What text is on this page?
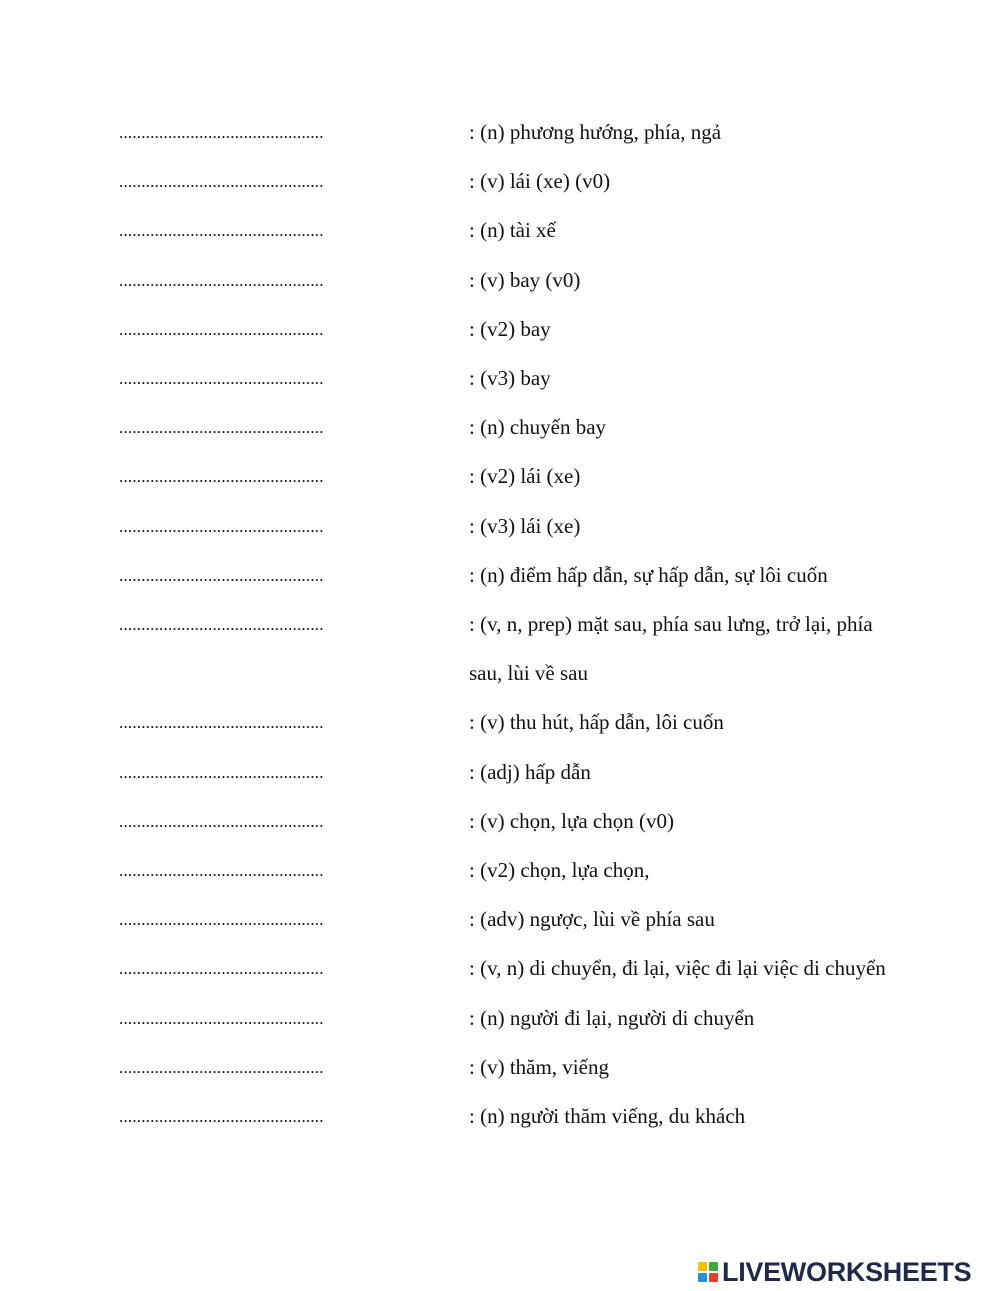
..............................................	: (n) phương hướng, phía, ngả
..............................................	: (v) lái (xe) (v0)
..............................................	: (n) tài xế
..............................................	: (v) bay (v0)
..............................................	: (v2) bay
..............................................	: (v3) bay
..............................................	: (n) chuyến bay
..............................................	: (v2) lái (xe)
..............................................	: (v3) lái (xe)
..............................................	: (n) điểm hấp dẫn, sự hấp dẫn, sự lôi cuốn
..............................................	: (v, n, prep) mặt sau, phía sau lưng, trở lại, phía
sau, lùi về sau
..............................................	: (v) thu hút, hấp dẫn, lôi cuốn
..............................................	: (adj) hấp dẫn
..............................................	: (v) chọn, lựa chọn (v0)
..............................................	: (v2) chọn, lựa chọn,
..............................................	: (adv) ngược, lùi về phía sau
..............................................	: (v, n) di chuyển, đi lại, việc đi lại việc di chuyển
..............................................	: (n) người đi lại, người di chuyển
..............................................	: (v) thăm, viếng
..............................................	: (n) người thăm viếng, du khách
LIVEWORKSHEETS
